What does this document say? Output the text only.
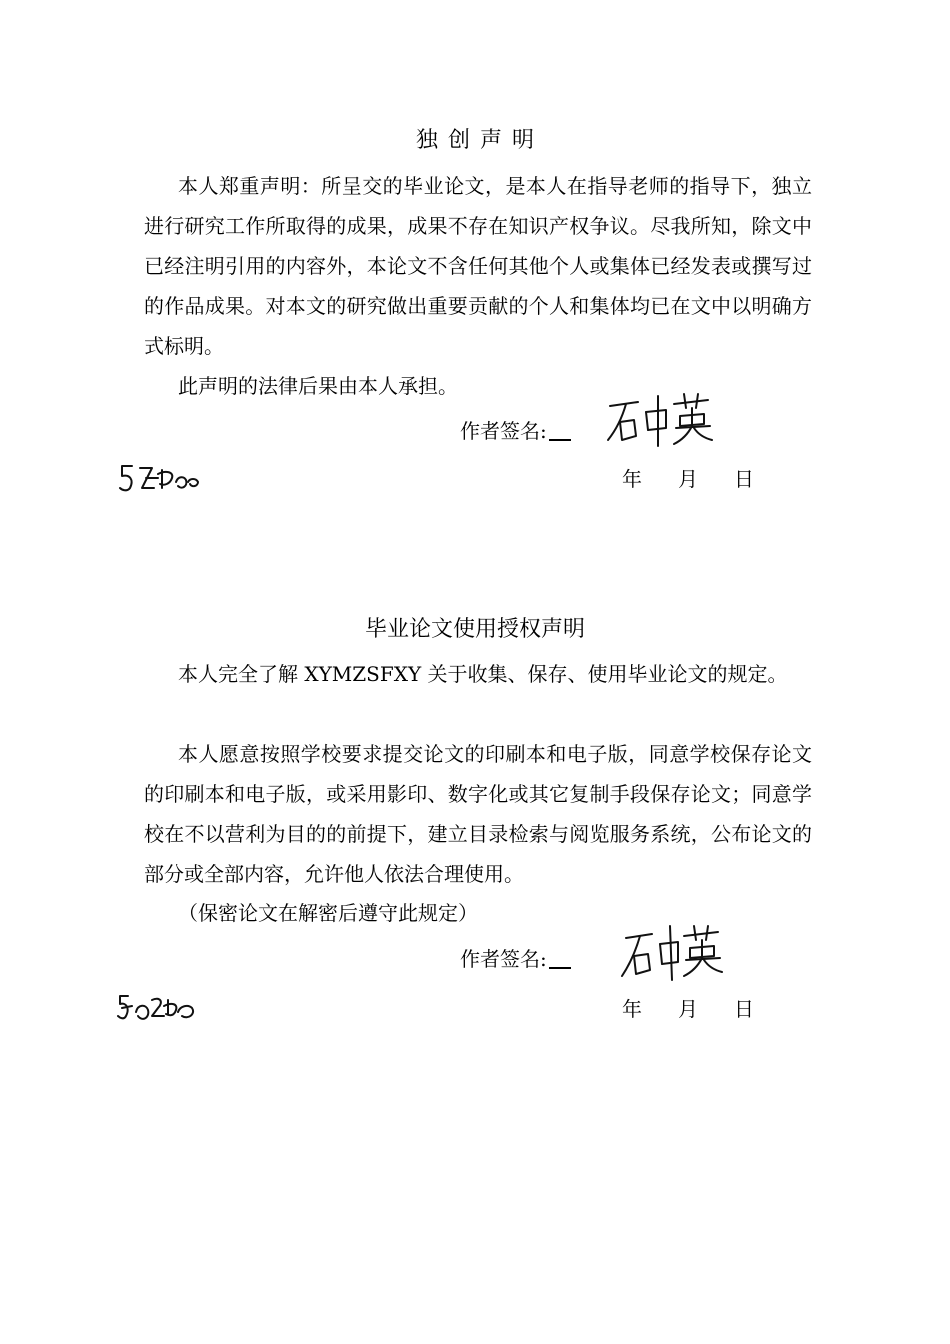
独创声明

本人郑重声明：所呈交的毕业论文，是本人在指导老师的指导下，独立进行研究工作所取得的成果，成果不存在知识产权争议。尽我所知，除文中已经注明引用的内容外，本论文不含任何其他个人或集体已经发表或撰写过的作品成果。对本文的研究做出重要贡献的个人和集体均已在文中以明确方式标明。

此声明的法律后果由本人承担。

作者签名:
年 月 日
毕业论文使用授权声明

本人完全了解 XYMZSFXY 关于收集、保存、使用毕业论文的规定。

本人愿意按照学校要求提交论文的印刷本和电子版，同意学校保存论文的印刷本和电子版，或采用影印、数字化或其它复制手段保存论文；同意学校在不以营利为目的的前提下，建立目录检索与阅览服务系统，公布论文的部分或全部内容，允许他人依法合理使用。

（保密论文在解密后遵守此规定）
作者签名:
年 月 日
